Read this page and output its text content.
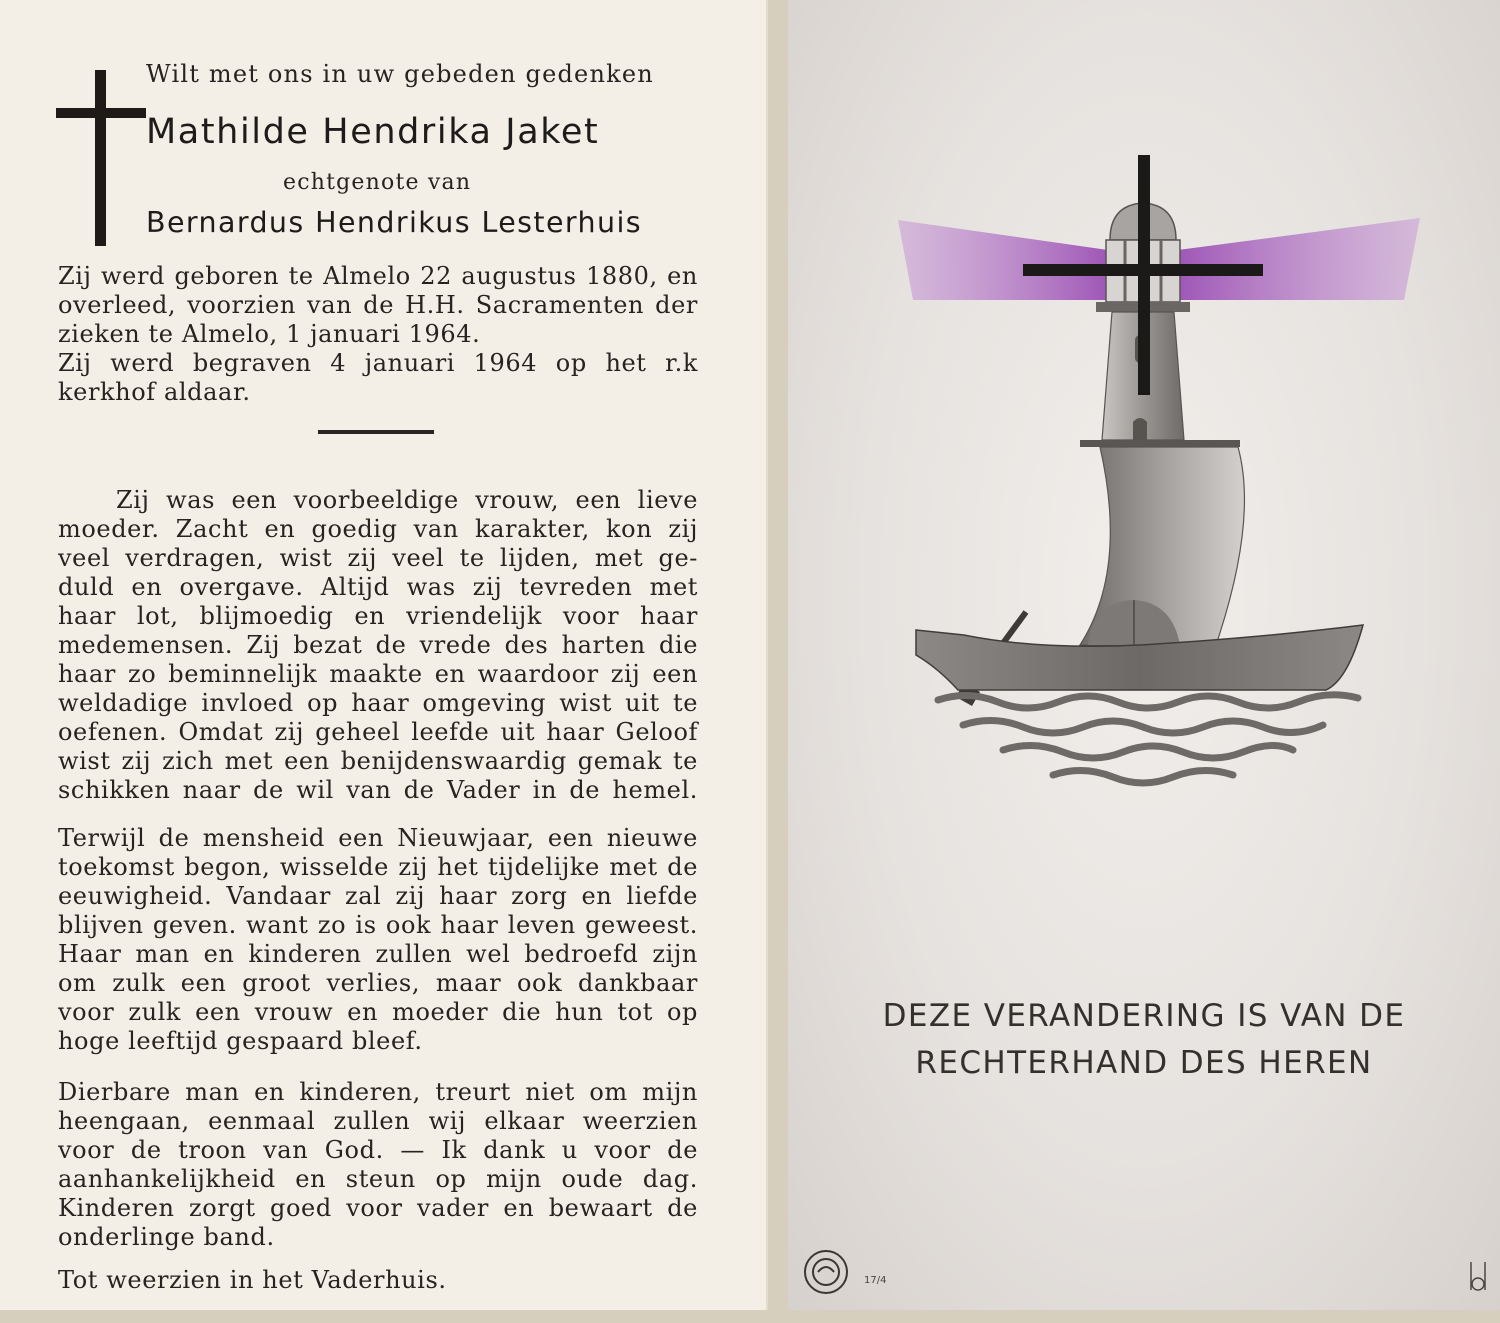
Wilt met ons in uw gebeden gedenken
Mathilde Hendrika Jaket
echtgenote van
Bernardus Hendrikus Lesterhuis
Zij werd geboren te Almelo 22 augustus 1880, en
overleed, voorzien van de H.H. Sacramenten der
zieken te Almelo, 1 januari 1964.
Zij werd begraven 4 januari 1964 op het r.k
kerkhof aldaar.
Zij was een voorbeeldige vrouw, een lieve
moeder. Zacht en goedig van karakter, kon zij
veel verdragen, wist zij veel te lijden, met ge-
duld en overgave. Altijd was zij tevreden met
haar lot, blijmoedig en vriendelijk voor haar
medemensen. Zij bezat de vrede des harten die
haar zo beminnelijk maakte en waardoor zij een
weldadige invloed op haar omgeving wist uit te
oefenen. Omdat zij geheel leefde uit haar Geloof
wist zij zich met een benijdenswaardig gemak te
schikken naar de wil van de Vader in de hemel.
Terwijl de mensheid een Nieuwjaar, een nieuwe
toekomst begon, wisselde zij het tijdelijke met de
eeuwigheid. Vandaar zal zij haar zorg en liefde
blijven geven. want zo is ook haar leven geweest.
Haar man en kinderen zullen wel bedroefd zijn
om zulk een groot verlies, maar ook dankbaar
voor zulk een vrouw en moeder die hun tot op
hoge leeftijd gespaard bleef.
Dierbare man en kinderen, treurt niet om mijn
heengaan, eenmaal zullen wij elkaar weerzien
voor de troon van God. — Ik dank u voor de
aanhankelijkheid en steun op mijn oude dag.
Kinderen zorgt goed voor vader en bewaart de
onderlinge band.
Tot weerzien in het Vaderhuis.
DEZE VERANDERING IS VAN DE
RECHTERHAND DES HEREN
17/4
